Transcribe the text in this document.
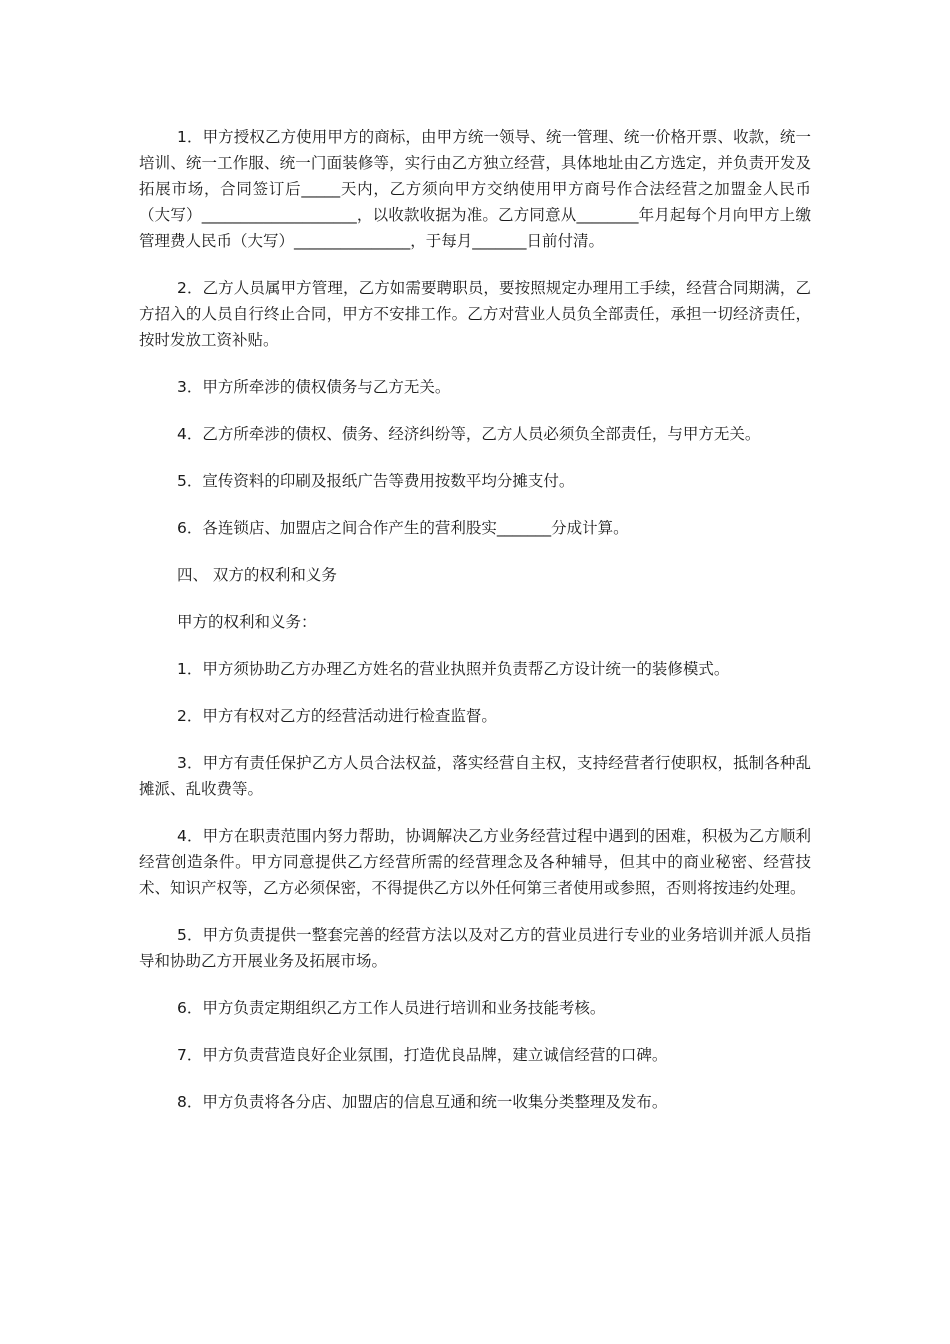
1．甲方授权乙方使用甲方的商标，由甲方统一领导、统一管理、统一价格开票、收款，统一培训、统一工作服、统一门面装修等，实行由乙方独立经营，具体地址由乙方选定，并负责开发及拓展市场，合同签订后_____天内，乙方须向甲方交纳使用甲方商号作合法经营之加盟金人民币（大写）____________________，以收款收据为准。乙方同意从________年月起每个月向甲方上缴管理费人民币（大写）_______________，于每月_______日前付清。

2．乙方人员属甲方管理，乙方如需要聘职员，要按照规定办理用工手续，经营合同期满，乙方招入的人员自行终止合同，甲方不安排工作。乙方对营业人员负全部责任，承担一切经济责任，按时发放工资补贴。

3．甲方所牵涉的债权债务与乙方无关。

4．乙方所牵涉的债权、债务、经济纠纷等，乙方人员必须负全部责任，与甲方无关。

5．宣传资料的印刷及报纸广告等费用按数平均分摊支付。

6．各连锁店、加盟店之间合作产生的营利股实_______分成计算。

四、 双方的权利和义务

甲方的权利和义务：

1．甲方须协助乙方办理乙方姓名的营业执照并负责帮乙方设计统一的装修模式。

2．甲方有权对乙方的经营活动进行检查监督。

3．甲方有责任保护乙方人员合法权益，落实经营自主权，支持经营者行使职权，抵制各种乱摊派、乱收费等。

4．甲方在职责范围内努力帮助，协调解决乙方业务经营过程中遇到的困难，积极为乙方顺利经营创造条件。甲方同意提供乙方经营所需的经营理念及各种辅导，但其中的商业秘密、经营技术、知识产权等，乙方必须保密，不得提供乙方以外任何第三者使用或参照，否则将按违约处理。

5．甲方负责提供一整套完善的经营方法以及对乙方的营业员进行专业的业务培训并派人员指导和协助乙方开展业务及拓展市场。

6．甲方负责定期组织乙方工作人员进行培训和业务技能考核。

7．甲方负责营造良好企业氛围，打造优良品牌，建立诚信经营的口碑。

8．甲方负责将各分店、加盟店的信息互通和统一收集分类整理及发布。
